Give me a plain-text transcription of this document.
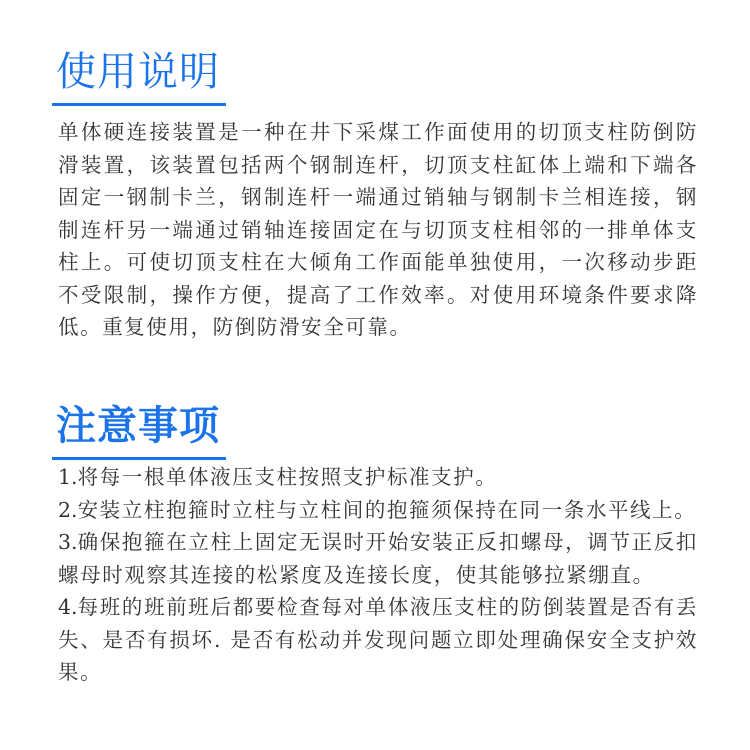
使用说明

单体硬连接装置是一种在井下采煤工作面使用的切顶支柱防倒防滑装置，该装置包括两个钢制连杆，切顶支柱缸体上端和下端各固定一钢制卡兰，钢制连杆一端通过销轴与钢制卡兰相连接，钢制连杆另一端通过销轴连接固定在与切顶支柱相邻的一排单体支柱上。可使切顶支柱在大倾角工作面能单独使用，一次移动步距不受限制，操作方便，提高了工作效率。对使用环境条件要求降低。重复使用，防倒防滑安全可靠。

注意事项
1.将每一根单体液压支柱按照支护标准支护。
2.安装立柱抱箍时立柱与立柱间的抱箍须保持在同一条水平线上。
3.确保抱箍在立柱上固定无误时开始安装正反扣螺母，调节正反扣螺母时观察其连接的松紧度及连接长度，使其能够拉紧绷直。
4.每班的班前班后都要检查每对单体液压支柱的防倒装置是否有丢失、是否有损坏. 是否有松动并发现问题立即处理确保安全支护效果。
